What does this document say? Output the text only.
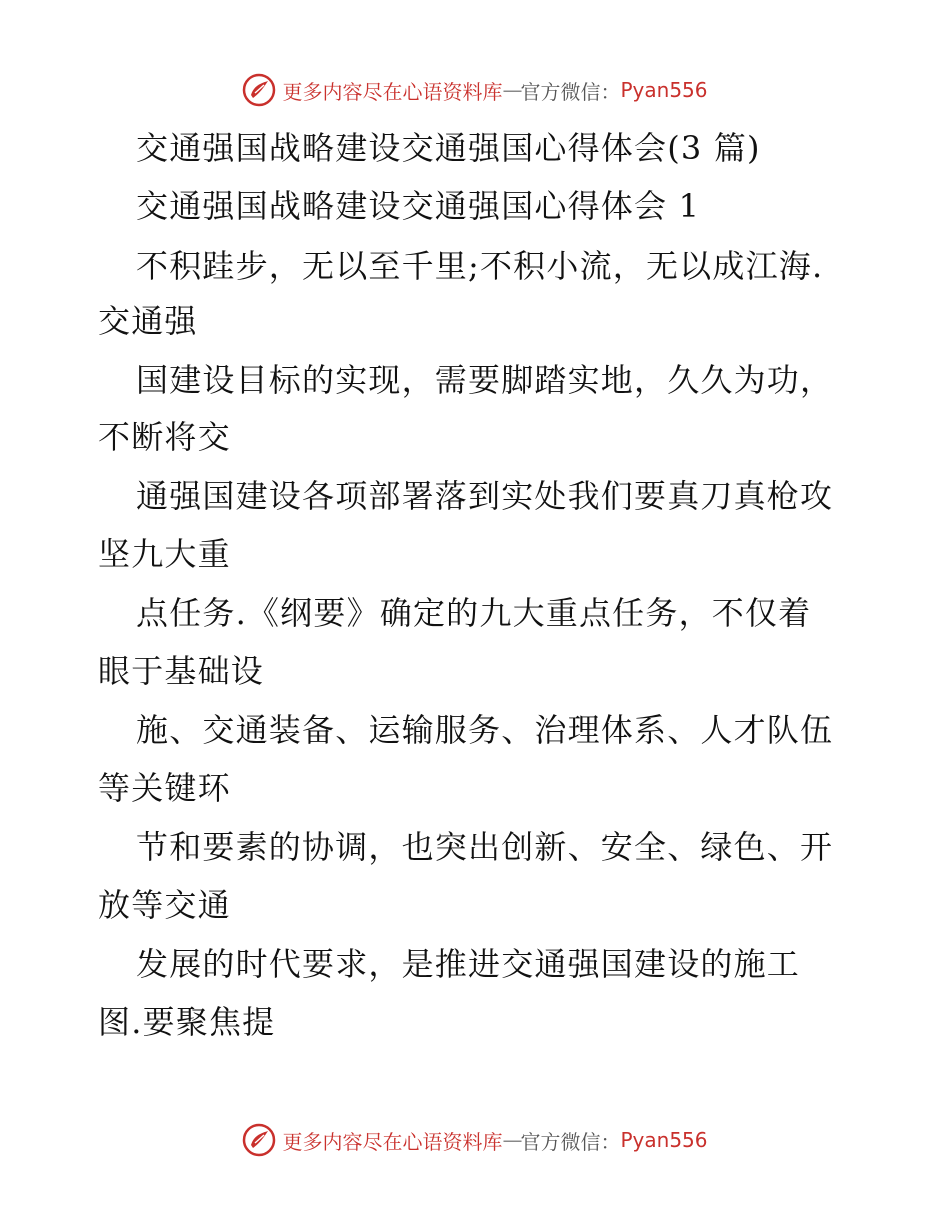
更多内容尽在心语资料库 — 官方微信： Pyan556
交通强国战略建设交通强国心得体会(3 篇)
交通强国战略建设交通强国心得体会 1
不积跬步，无以至千里;不积小流，无以成江海.
交通强
国建设目标的实现，需要脚踏实地，久久为功，
不断将交
通强国建设各项部署落到实处我们要真刀真枪攻
坚九大重
点任务.《纲要》确定的九大重点任务，不仅着
眼于基础设
施、交通装备、运输服务、治理体系、人才队伍
等关键环
节和要素的协调，也突出创新、安全、绿色、开
放等交通
发展的时代要求，是推进交通强国建设的施工
图.要聚焦提
更多内容尽在心语资料库 — 官方微信： Pyan556
